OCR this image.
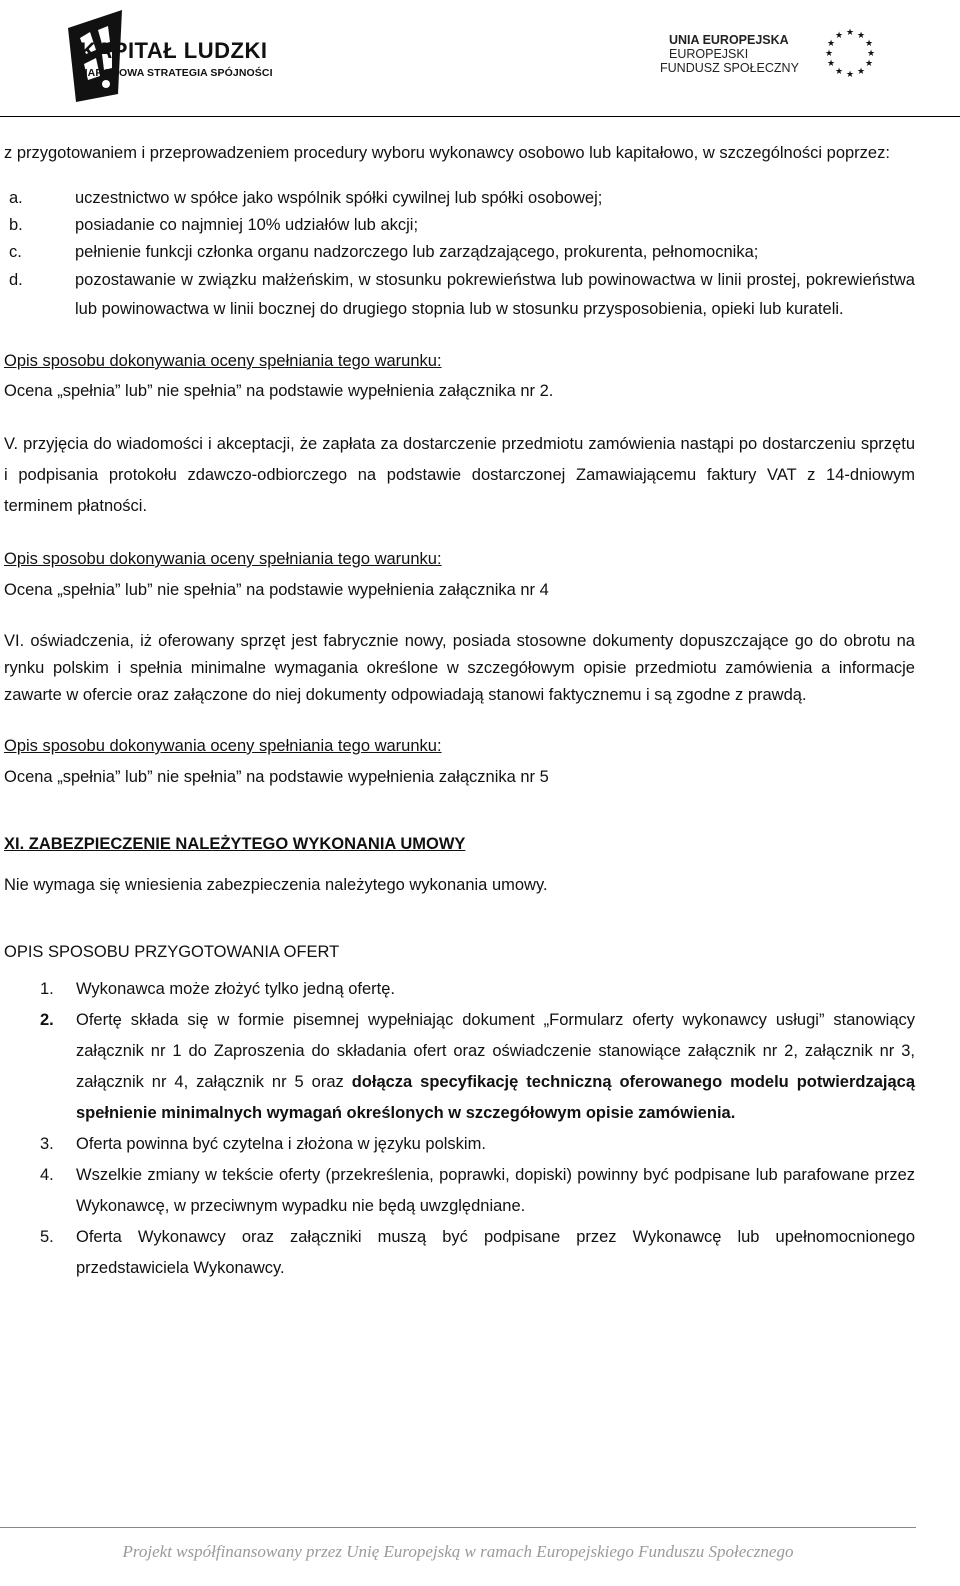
KAPITAŁ LUDZKI
NARODOWA STRATEGIA SPÓJNOŚCI
UNIA EUROPEJSKA
EUROPEJSKI
FUNDUSZ SPOŁECZNY
★ ★
★
★
★
★
★
★
★
★
★
★

z przygotowaniem i przeprowadzeniem procedury wyboru wykonawcy osobowo lub kapitałowo, w szczególności poprzez:

a.	uczestnictwo w spółce jako wspólnik spółki cywilnej lub spółki osobowej;
b.	posiadanie co najmniej 10% udziałów lub akcji;
c.	pełnienie funkcji członka organu nadzorczego lub zarządzającego, prokurenta, pełnomocnika;
d.	pozostawanie w związku małżeńskim, w stosunku pokrewieństwa lub powinowactwa w linii prostej, pokrewieństwa lub powinowactwa w linii bocznej do drugiego stopnia lub w stosunku przysposobienia, opieki lub kurateli.

Opis sposobu dokonywania oceny spełniania tego warunku:

Ocena „spełnia” lub” nie spełnia” na podstawie wypełnienia załącznika nr 2.

V. przyjęcia do wiadomości i akceptacji, że zapłata za dostarczenie przedmiotu zamówienia nastąpi po dostarczeniu sprzętu i podpisania protokołu zdawczo-odbiorczego na podstawie dostarczonej Zamawiającemu faktury VAT z 14-dniowym terminem płatności.

Opis sposobu dokonywania oceny spełniania tego warunku:

Ocena „spełnia” lub” nie spełnia” na podstawie wypełnienia załącznika nr 4

VI. oświadczenia, iż oferowany sprzęt jest fabrycznie nowy, posiada stosowne dokumenty dopuszczające go do obrotu na rynku polskim i spełnia minimalne wymagania określone w szczegółowym opisie przedmiotu zamówienia a informacje zawarte w ofercie oraz załączone do niej dokumenty odpowiadają stanowi faktycznemu i są zgodne z prawdą.

Opis sposobu dokonywania oceny spełniania tego warunku:

Ocena „spełnia” lub” nie spełnia” na podstawie wypełnienia załącznika nr 5

XI. ZABEZPIECZENIE NALEŻYTEGO WYKONANIA UMOWY

Nie wymaga się wniesienia zabezpieczenia należytego wykonania umowy.

OPIS SPOSOBU PRZYGOTOWANIA OFERT

1. Wykonawca może złożyć tylko jedną ofertę.
2. Ofertę składa się w formie pisemnej wypełniając dokument „Formularz oferty wykonawcy usługi” stanowiący załącznik nr 1 do Zaproszenia do składania ofert oraz oświadczenie stanowiące załącznik nr 2, załącznik nr 3, załącznik nr 4, załącznik nr 5 oraz dołącza specyfikację techniczną oferowanego modelu potwierdzającą spełnienie minimalnych wymagań określonych w szczegółowym opisie zamówienia.
3. Oferta powinna być czytelna i złożona w języku polskim.
4. Wszelkie zmiany w tekście oferty (przekreślenia, poprawki, dopiski) powinny być podpisane lub parafowane przez Wykonawcę, w przeciwnym wypadku nie będą uwzględniane.
5. Oferta Wykonawcy oraz załączniki muszą być podpisane przez Wykonawcę lub upełnomocnionego przedstawiciela Wykonawcy.
Projekt współfinansowany przez Unię Europejską w ramach Europejskiego Funduszu Społecznego
